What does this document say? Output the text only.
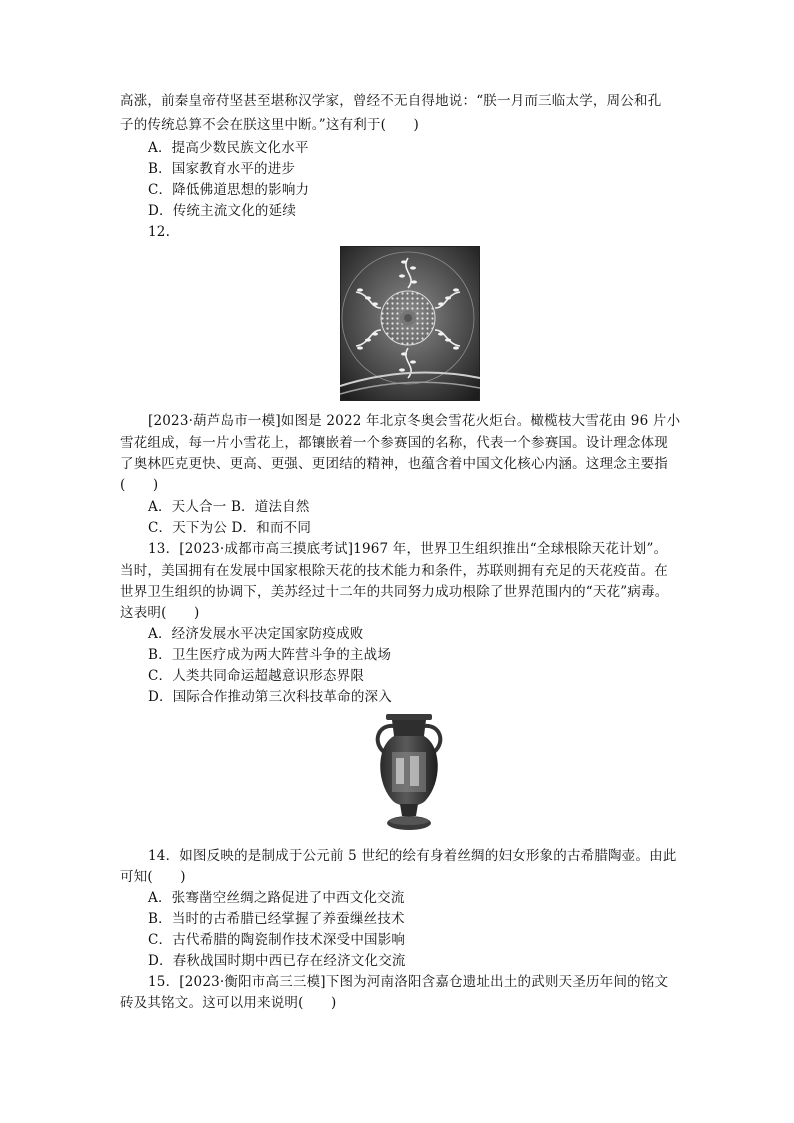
高涨，前秦皇帝苻坚甚至堪称汉学家，曾经不无自得地说：“朕一月而三临太学，周公和孔
子的传统总算不会在朕这里中断。”这有利于(　　)
A．提高少数民族文化水平
B．国家教育水平的进步
C．降低佛道思想的影响力
D．传统主流文化的延续
12.
[2023·葫芦岛市一模]如图是 2022 年北京冬奥会雪花火炬台。橄榄枝大雪花由 96 片小
雪花组成，每一片小雪花上，都镶嵌着一个参赛国的名称，代表一个参赛国。设计理念体现
了奥林匹克更快、更高、更强、更团结的精神，也蕴含着中国文化核心内涵。这理念主要指
(　　)
A．天人合一 B．道法自然
C．天下为公 D．和而不同
13．[2023·成都市高三摸底考试]1967 年，世界卫生组织推出“全球根除天花计划”。
当时，美国拥有在发展中国家根除天花的技术能力和条件，苏联则拥有充足的天花疫苗。在
世界卫生组织的协调下，美苏经过十二年的共同努力成功根除了世界范围内的“天花”病毒。
这表明(　　)
A．经济发展水平决定国家防疫成败
B．卫生医疗成为两大阵营斗争的主战场
C．人类共同命运超越意识形态界限
D．国际合作推动第三次科技革命的深入
14．如图反映的是制成于公元前 5 世纪的绘有身着丝绸的妇女形象的古希腊陶壶。由此
可知(　　)
A．张骞凿空丝绸之路促进了中西文化交流
B．当时的古希腊已经掌握了养蚕缫丝技术
C．古代希腊的陶瓷制作技术深受中国影响
D．春秋战国时期中西已存在经济文化交流
15．[2023·衡阳市高三三模]下图为河南洛阳含嘉仓遗址出土的武则天圣历年间的铭文
砖及其铭文。这可以用来说明(　　)
